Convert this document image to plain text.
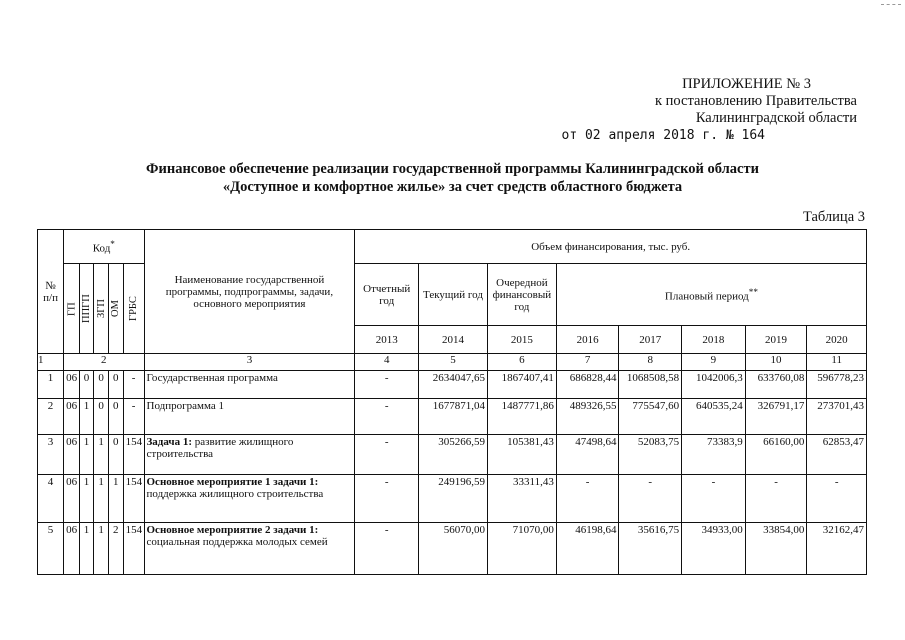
ПРИЛОЖЕНИЕ № 3
к постановлению Правительства
Калининградской области
от 02 апреля 2018 г. № 164
Финансовое обеспечение реализации государственной программы Калининградской области
«Доступное и комфортное жилье» за счет средств областного бюджета
Таблица 3
№ п/п	Код*					Наименование государственной программы, подпрограммы, задачи, основного мероприятия	Объем финансирования, тыс. руб.							
	ГП	ППГП	ЗГП	ОМ	ГРБС		Отчетный год	Текущий год	Очередной финансовый год	Плановый период**
							2013	2014	2015	2016	2017	2018	2019	2020
1	2					3	4	5	6	7	8	9	10	11
1	06	0	0	0	-	Государственная программа	-	2634047,65	1867407,41	686828,44	1068508,58	1042006,3	633760,08	596778,23
2	06	1	0	0	-	Подпрограмма 1	-	1677871,04	1487771,86	489326,55	775547,60	640535,24	326791,17	273701,43
3	06	1	1	0	154	Задача 1: развитие жилищного строительства	-	305266,59	105381,43	47498,64	52083,75	73383,9	66160,00	62853,47
4	06	1	1	1	154	Основное мероприятие 1 задачи 1: поддержка жилищного строительства	-	249196,59	33311,43	-	-	-	-	-
5	06	1	1	2	154	Основное мероприятие 2 задачи 1: социальная поддержка молодых семей	-	56070,00	71070,00	46198,64	35616,75	34933,00	33854,00	32162,47
